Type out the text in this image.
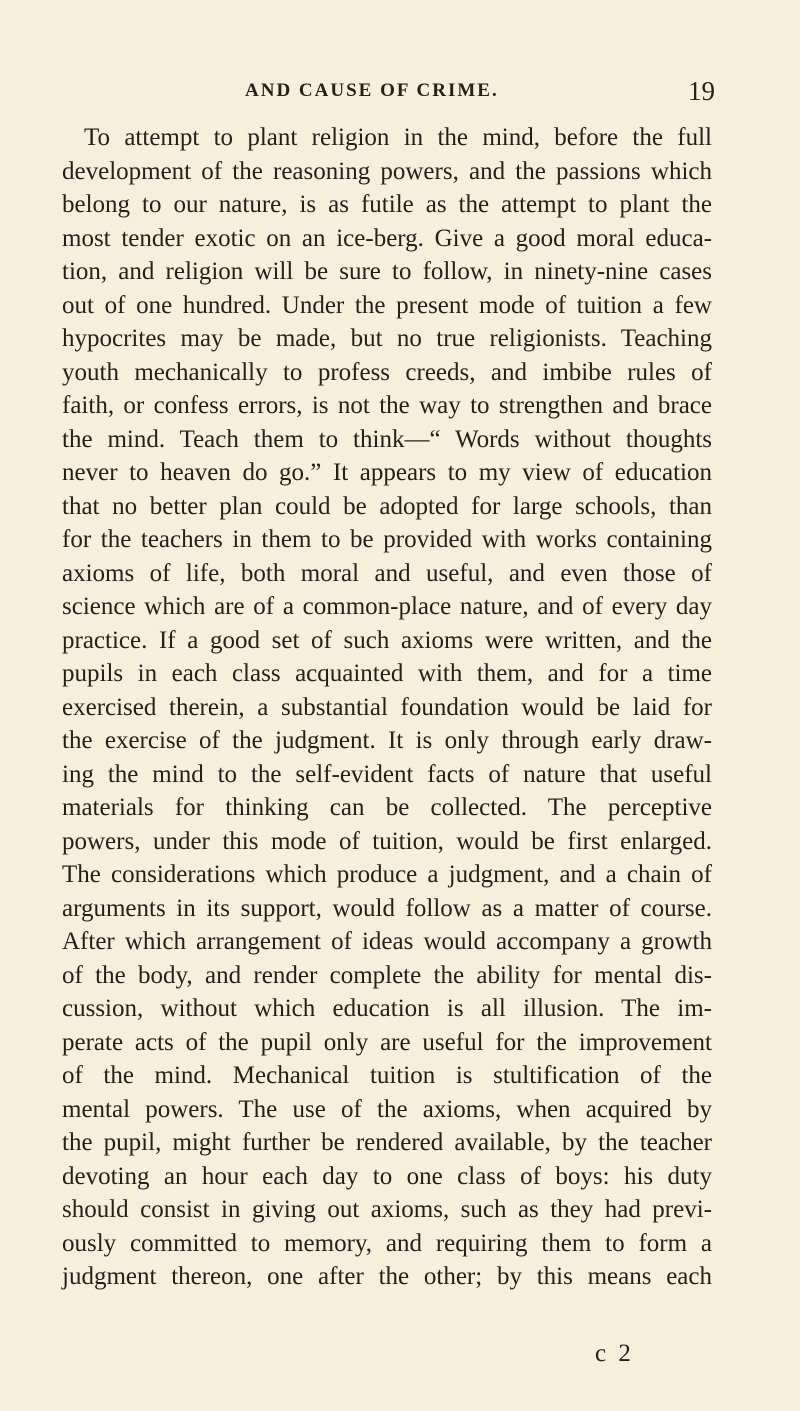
AND CAUSE OF CRIME.	19
To attempt to plant religion in the mind, before the full
development of the reasoning powers, and the passions which
belong to our nature, is as futile as the attempt to plant the
most tender exotic on an ice-berg. Give a good moral educa-
tion, and religion will be sure to follow, in ninety-nine cases
out of one hundred. Under the present mode of tuition a few
hypocrites may be made, but no true religionists. Teaching
youth mechanically to profess creeds, and imbibe rules of
faith, or confess errors, is not the way to strengthen and brace
the mind. Teach them to think—“ Words without thoughts
never to heaven do go.” It appears to my view of education
that no better plan could be adopted for large schools, than
for the teachers in them to be provided with works containing
axioms of life, both moral and useful, and even those of
science which are of a common-place nature, and of every day
practice. If a good set of such axioms were written, and the
pupils in each class acquainted with them, and for a time
exercised therein, a substantial foundation would be laid for
the exercise of the judgment. It is only through early draw-
ing the mind to the self-evident facts of nature that useful
materials for thinking can be collected. The perceptive
powers, under this mode of tuition, would be first enlarged.
The considerations which produce a judgment, and a chain of
arguments in its support, would follow as a matter of course.
After which arrangement of ideas would accompany a growth
of the body, and render complete the ability for mental dis-
cussion, without which education is all illusion. The im-
perate acts of the pupil only are useful for the improvement
of the mind. Mechanical tuition is stultification of the
mental powers. The use of the axioms, when acquired by
the pupil, might further be rendered available, by the teacher
devoting an hour each day to one class of boys: his duty
should consist in giving out axioms, such as they had previ-
ously committed to memory, and requiring them to form a
judgment thereon, one after the other; by this means each
c 2
